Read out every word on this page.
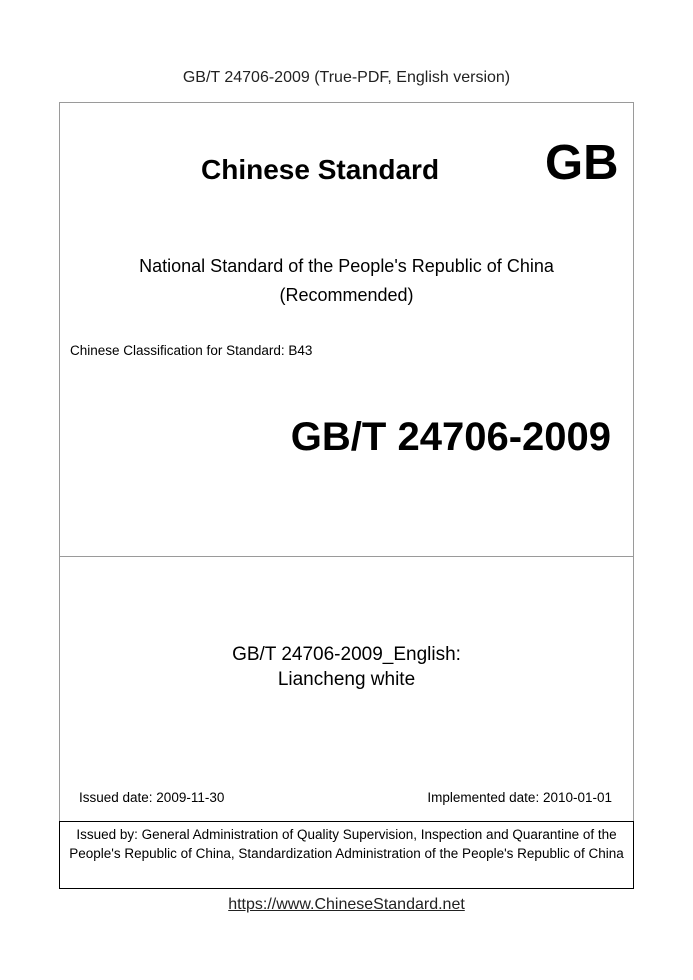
GB/T 24706-2009 (True-PDF, English version)
Chinese Standard GB
National Standard of the People's Republic of China
(Recommended)
Chinese Classification for Standard: B43
GB/T 24706-2009
GB/T 24706-2009_English:
Liancheng white
Issued date: 2009-11-30	Implemented date: 2010-01-01
Issued by: General Administration of Quality Supervision, Inspection and Quarantine of the People's Republic of China, Standardization Administration of the People's Republic of China
https://www.ChineseStandard.net
